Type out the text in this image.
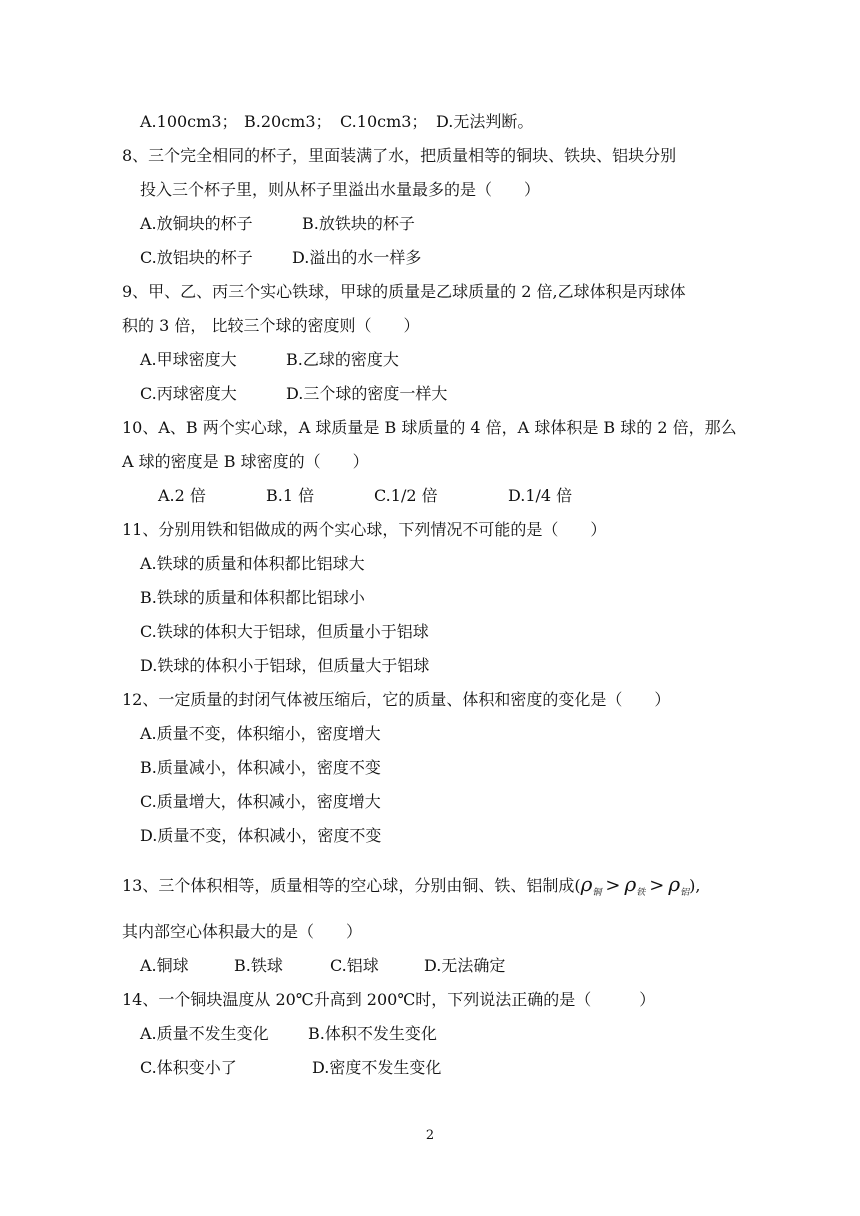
A.100cm3； B.20cm3； C.10cm3； D.无法判断。
8、三个完全相同的杯子，里面装满了水，把质量相等的铜块、铁块、铝块分别
投入三个杯子里，则从杯子里溢出水量最多的是（　　）
A.放铜块的杯子	B.放铁块的杯子
C.放铝块的杯子 D.溢出的水一样多
9、甲、乙、丙三个实心铁球，甲球的质量是乙球质量的 2 倍,乙球体积是丙球体
积的 3 倍， 比较三个球的密度则（　　）
A.甲球密度大	B.乙球的密度大
C.丙球密度大	D.三个球的密度一样大
10、A、B 两个实心球，A 球质量是 B 球质量的 4 倍，A 球体积是 B 球的 2 倍，那么
A 球的密度是 B 球密度的（　　）
A.2 倍	B.1 倍	C.1/2 倍	D.1/4 倍
11、分别用铁和铝做成的两个实心球，下列情况不可能的是（　　）
A.铁球的质量和体积都比铝球大
B.铁球的质量和体积都比铝球小
C.铁球的体积大于铝球，但质量小于铝球
D.铁球的体积小于铝球，但质量大于铝球
12、一定质量的封闭气体被压缩后，它的质量、体积和密度的变化是（　　）
A.质量不变，体积缩小，密度增大
B.质量减小，体积减小，密度不变
C.质量增大，体积减小，密度增大
D.质量不变，体积减小，密度不变
13、三个体积相等，质量相等的空心球，分别由铜、铁、铝制成$(\rho_铜 > \rho_铁 > \rho_铝)$,
其内部空心体积最大的是（　　）
A.铜球	B.铁球	C.铝球	D.无法确定
14、一个铜块温度从 20℃升高到 200℃时，下列说法正确的是（　　　）
A.质量不发生变化 B.体积不发生变化
C.体积变小了	D.密度不发生变化
2
